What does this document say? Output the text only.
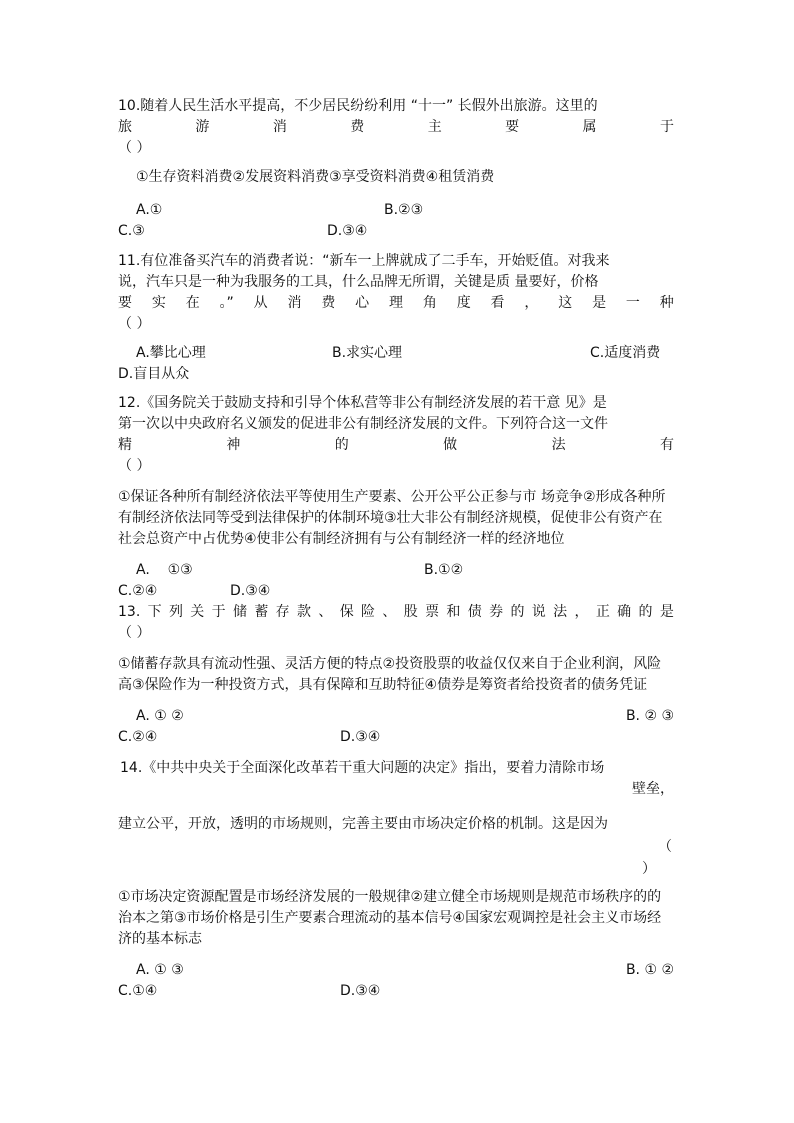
10.随着人民生活水平提高，不少居民纷纷利用 “十一” 长假外出旅游。这里的

旅	游	消	费	主	要	属	于
（ ）
①生存资料消费②发展资料消费③享受资料消费④租赁消费
A.①	B.②③
C.③	D.③④

11.有位准备买汽车的消费者说：“新车一上牌就成了二手车，开始贬值。对我来

说，汽车只是一种为我服务的工具，什么品牌无所谓，关键是质 量要好，价格

要 实 在 。” 从 消 费 心 理 角 度 看 ， 这 是 一 种
（ ）
A.攀比心理	B.求实心理	C.适度消费
D.盲目从众

12.《国务院关于鼓励支持和引导个体私营等非公有制经济发展的若干意 见》是

第一次以中央政府名义颁发的促进非公有制经济发展的文件。下列符合这一文件

精	神	的	做	法	有
（ ）
①保证各种所有制经济依法平等使用生产要素、公开公平公正参与市 场竞争②形成各种所有制经济依法同等受到法律保护的体制环境③壮大非公有制经济规模，促使非公有资产在社会总资产中占优势④使非公有制经济拥有与公有制经济一样的经济地位
A.    ①③	B.①②
C.②④	D.③④
13. 下 列 关 于 储 蓄 存 款 、 保 险 、 股 票 和 债 券 的 说 法 ， 正 确 的 是
（ ）
①储蓄存款具有流动性强、灵活方便的特点②投资股票的收益仅仅来自于企业利润，风险高③保险作为一种投资方式，具有保障和互助特征④债券是筹资者给投资者的债务凭证
A. ① ②	B. ② ③
C.②④	D.③④

14.《中共中央关于全面深化改革若干重大问题的决定》指出，要着力清除市场

壁垒，

建立公平，开放，透明的市场规则，完善主要由市场决定价格的机制。这是因为

（
）
①市场决定资源配置是市场经济发展的一般规律②建立健全市场规则是规范市场秩序的的治本之第③市场价格是引生产要素合理流动的基本信号④国家宏观调控是社会主义市场经济的基本标志
A. ① ③	B. ① ②
C.①④	D.③④
